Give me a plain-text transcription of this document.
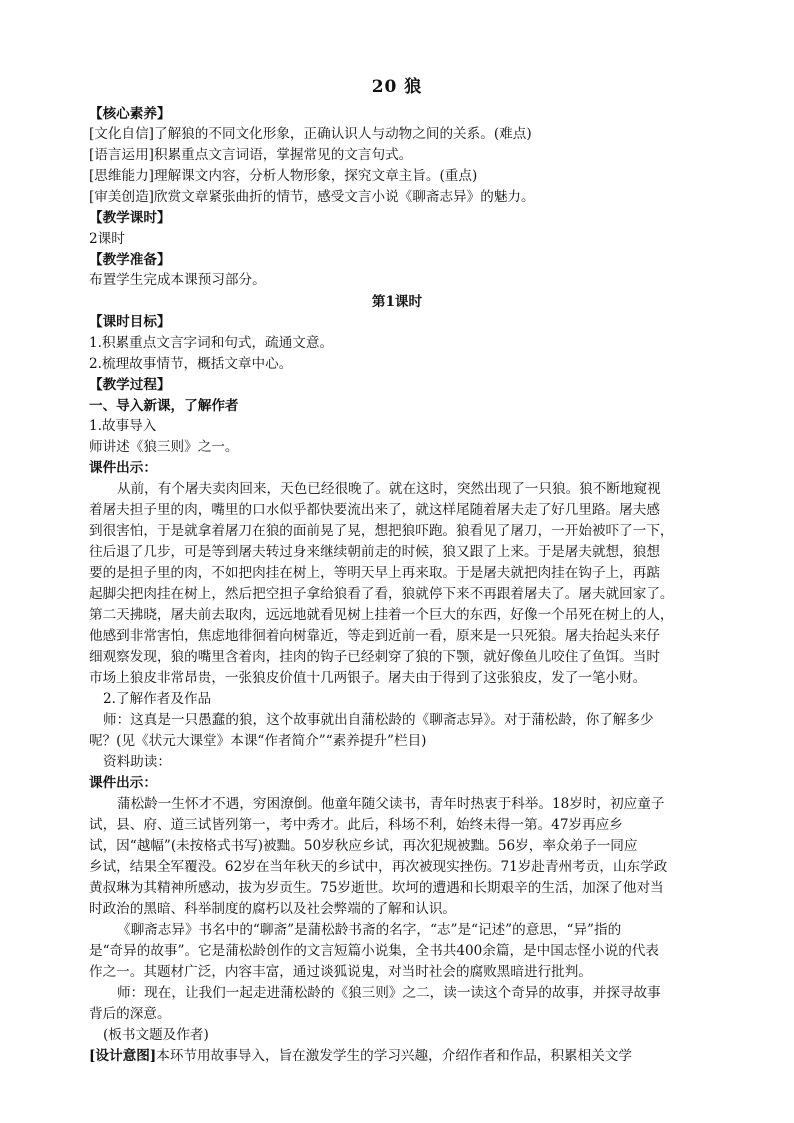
20 狼
【核心素养】
[文化自信]了解狼的不同文化形象，正确认识人与动物之间的关系。(难点)
[语言运用]积累重点文言词语，掌握常见的文言句式。
[思维能力]理解课文内容，分析人物形象，探究文章主旨。(重点)
[审美创造]欣赏文章紧张曲折的情节，感受文言小说《聊斋志异》的魅力。
【教学课时】
2课时
【教学准备】
布置学生完成本课预习部分。
第1课时
【课时目标】
1.积累重点文言字词和句式，疏通文意。
2.梳理故事情节，概括文章中心。
【教学过程】
一、导入新课，了解作者
1.故事导入
师讲述《狼三则》之一。
课件出示：
从前，有个屠夫卖肉回来，天色已经很晚了。就在这时，突然出现了一只狼。狼不断地窥视
着屠夫担子里的肉，嘴里的口水似乎都快要流出来了，就这样尾随着屠夫走了好几里路。屠夫感
到很害怕，于是就拿着屠刀在狼的面前晃了晃，想把狼吓跑。狼看见了屠刀，一开始被吓了一下，
往后退了几步，可是等到屠夫转过身来继续朝前走的时候，狼又跟了上来。于是屠夫就想，狼想
要的是担子里的肉，不如把肉挂在树上，等明天早上再来取。于是屠夫就把肉挂在钩子上，再踮
起脚尖把肉挂在树上，然后把空担子拿给狼看了看，狼就停下来不再跟着屠夫了。屠夫就回家了。
第二天拂晓，屠夫前去取肉，远远地就看见树上挂着一个巨大的东西，好像一个吊死在树上的人，
他感到非常害怕，焦虑地徘徊着向树靠近，等走到近前一看，原来是一只死狼。屠夫抬起头来仔
细观察发现，狼的嘴里含着肉，挂肉的钩子已经刺穿了狼的下颚，就好像鱼儿咬住了鱼饵。当时
市场上狼皮非常昂贵，一张狼皮价值十几两银子。屠夫由于得到了这张狼皮，发了一笔小财。
2.了解作者及作品
师：这真是一只愚蠢的狼，这个故事就出自蒲松龄的《聊斋志异》。对于蒲松龄，你了解多少
呢？(见《状元大课堂》本课“作者简介”“素养提升”栏目)
资料助读：
课件出示：
蒲松龄一生怀才不遇，穷困潦倒。他童年随父读书，青年时热衷于科举。18岁时，初应童子
试，县、府、道三试皆列第一，考中秀才。此后，科场不利，始终未得一第。47岁再应乡
试，因“越幅”(未按格式书写)被黜。50岁秋应乡试，再次犯规被黜。56岁，率众弟子一同应
乡试，结果全军覆没。62岁在当年秋天的乡试中，再次被现实挫伤。71岁赴青州考贡，山东学政
黄叔琳为其精神所感动，拔为岁贡生。75岁逝世。坎坷的遭遇和长期艰辛的生活，加深了他对当
时政治的黑暗、科举制度的腐朽以及社会弊端的了解和认识。
《聊斋志异》书名中的“聊斋”是蒲松龄书斋的名字，“志”是“记述”的意思，“异”指的
是“奇异的故事”。它是蒲松龄创作的文言短篇小说集，全书共400余篇，是中国志怪小说的代表
作之一。其题材广泛，内容丰富，通过谈狐说鬼，对当时社会的腐败黑暗进行批判。
师：现在，让我们一起走进蒲松龄的《狼三则》之二，读一读这个奇异的故事，并探寻故事
背后的深意。
(板书文题及作者)
[设计意图]本环节用故事导入，旨在激发学生的学习兴趣，介绍作者和作品，积累相关文学
